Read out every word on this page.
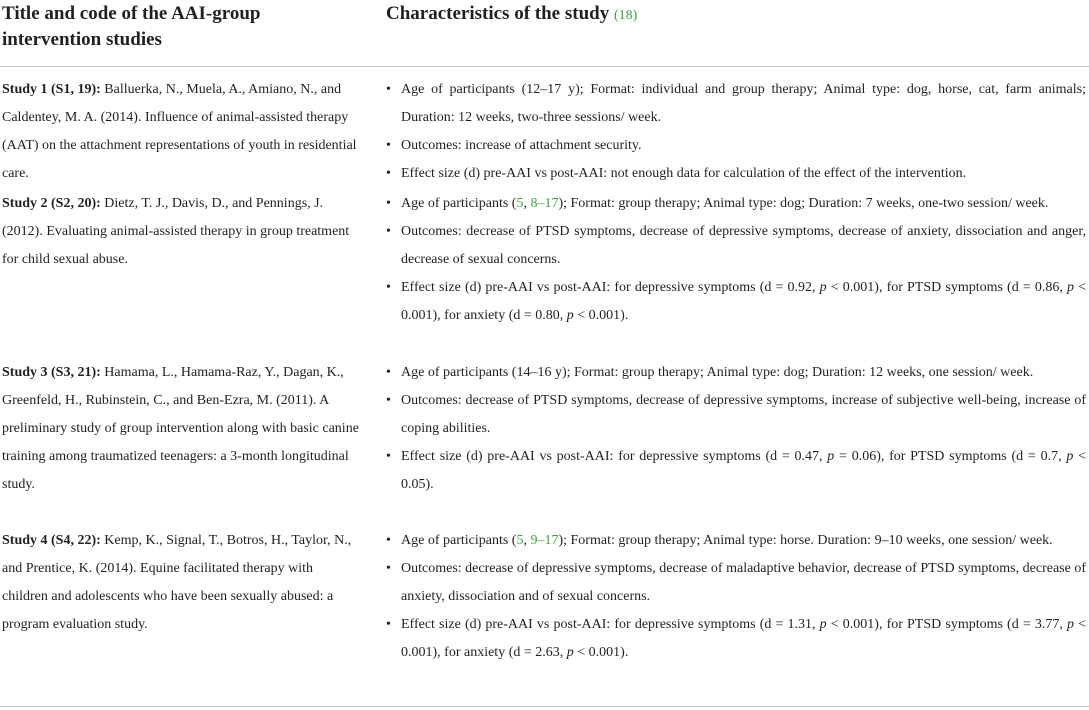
Title and code of the AAI-group intervention studies
Characteristics of the study (18)
Study 1 (S1, 19): Balluerka, N., Muela, A., Amiano, N., and Caldentey, M. A. (2014). Influence of animal-assisted therapy (AAT) on the attachment representations of youth in residential care.
• Age of participants (12–17 y); Format: individual and group therapy; Animal type: dog, horse, cat, farm animals; Duration: 12 weeks, two-three sessions/ week.
• Outcomes: increase of attachment security.
• Effect size (d) pre-AAI vs post-AAI: not enough data for calculation of the effect of the intervention.
Study 2 (S2, 20): Dietz, T. J., Davis, D., and Pennings, J. (2012). Evaluating animal-assisted therapy in group treatment for child sexual abuse.
• Age of participants (5, 8–17); Format: group therapy; Animal type: dog; Duration: 7 weeks, one-two session/ week.
• Outcomes: decrease of PTSD symptoms, decrease of depressive symptoms, decrease of anxiety, dissociation and anger, decrease of sexual concerns.
• Effect size (d) pre-AAI vs post-AAI: for depressive symptoms (d = 0.92, p < 0.001), for PTSD symptoms (d = 0.86, p < 0.001), for anxiety (d = 0.80, p < 0.001).
Study 3 (S3, 21): Hamama, L., Hamama-Raz, Y., Dagan, K., Greenfeld, H., Rubinstein, C., and Ben-Ezra, M. (2011). A preliminary study of group intervention along with basic canine training among traumatized teenagers: a 3-month longitudinal study.
• Age of participants (14–16 y); Format: group therapy; Animal type: dog; Duration: 12 weeks, one session/ week.
• Outcomes: decrease of PTSD symptoms, decrease of depressive symptoms, increase of subjective well-being, increase of coping abilities.
• Effect size (d) pre-AAI vs post-AAI: for depressive symptoms (d = 0.47, p = 0.06), for PTSD symptoms (d = 0.7, p < 0.05).
Study 4 (S4, 22): Kemp, K., Signal, T., Botros, H., Taylor, N., and Prentice, K. (2014). Equine facilitated therapy with children and adolescents who have been sexually abused: a program evaluation study.
• Age of participants (5, 9–17); Format: group therapy; Animal type: horse. Duration: 9–10 weeks, one session/ week.
• Outcomes: decrease of depressive symptoms, decrease of maladaptive behavior, decrease of PTSD symptoms, decrease of anxiety, dissociation and of sexual concerns.
• Effect size (d) pre-AAI vs post-AAI: for depressive symptoms (d = 1.31, p < 0.001), for PTSD symptoms (d = 3.77, p < 0.001), for anxiety (d = 2.63, p < 0.001).
